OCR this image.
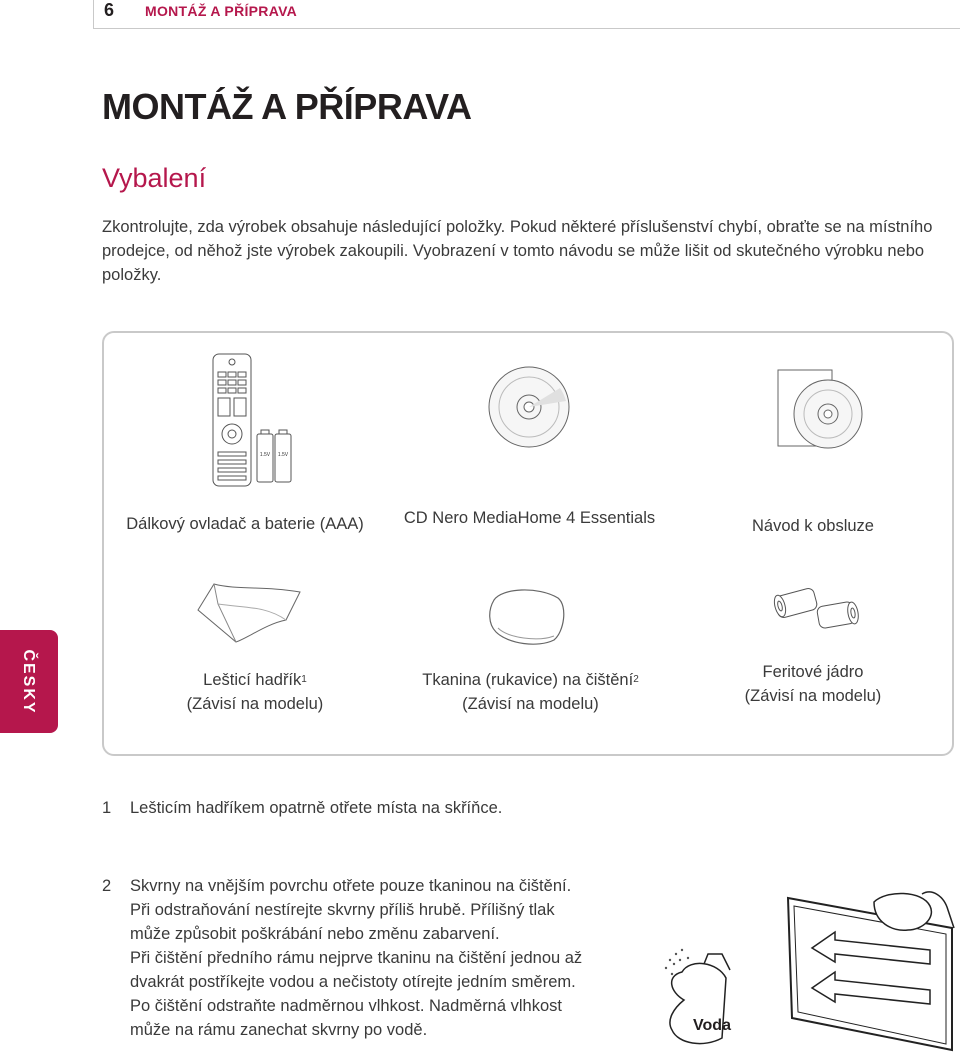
6 MONTÁŽ A PŘÍPRAVA
MONTÁŽ A PŘÍPRAVA
Vybalení
Zkontrolujte, zda výrobek obsahuje následující položky. Pokud některé příslušenství chybí, obraťte se na místního prodejce, od něhož jste výrobek zakoupili. Vyobrazení v tomto návodu se může lišit od skutečného výrobku nebo položky.
ČESKY
1.5V 1.5V
Dálkový ovladač a baterie (AAA)	CD Nero MediaHome 4 Essentials	Návod k obsluze
Lešticí hadřík$^1$
(Závisí na modelu)
Tkanina (rukavice) na čištění$^2$
(Závisí na modelu)
Feritové jádro
(Závisí na modelu)
1 Lešticím hadříkem opatrně otřete místa na skříňce.
2 Skvrny na vnějším povrchu otřete pouze tkaninou na čištění.
Při odstraňování nestírejte skvrny příliš hrubě. Přílišný tlak
může způsobit poškrábání nebo změnu zabarvení.
Při čištění předního rámu nejprve tkaninu na čištění jednou až
dvakrát postříkejte vodou a nečistoty otírejte jedním směrem.
Po čištění odstraňte nadměrnou vlhkost. Nadměrná vlhkost
může na rámu zanechat skvrny po vodě.	Voda
